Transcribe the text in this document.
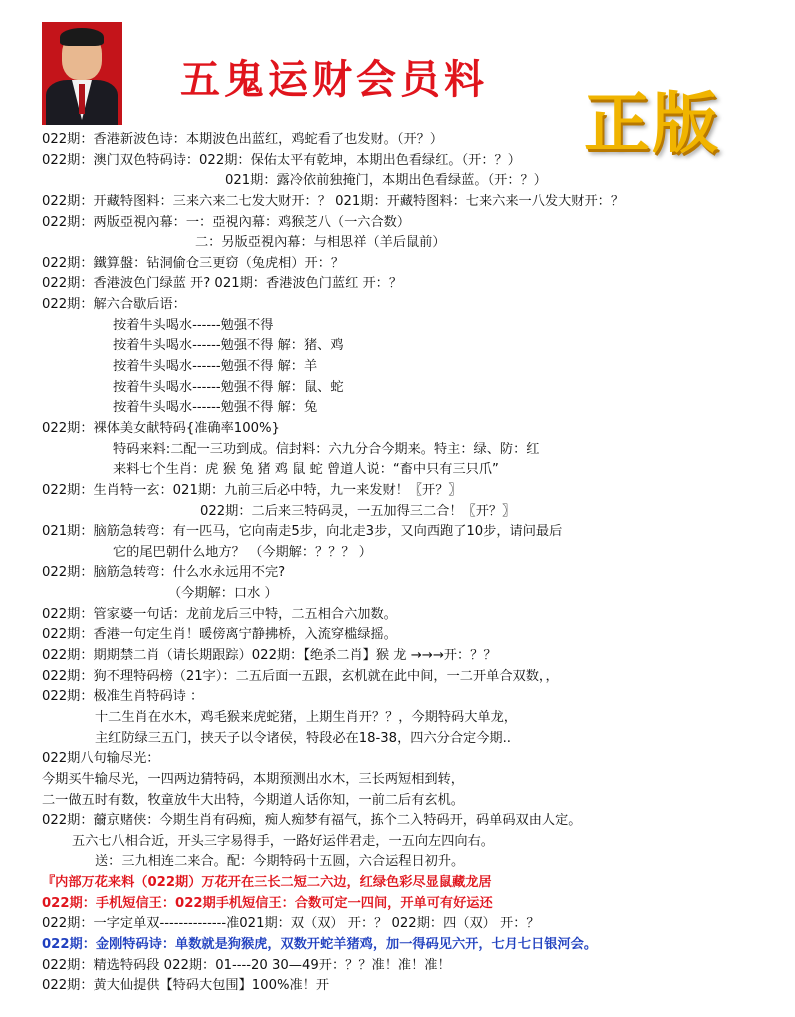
五鬼运财会员料
正版
022期：香港新波色诗：本期波色出蓝红，鸡蛇看了也发财。（开？）
022期：澳门双色特码诗：022期：保佑太平有乾坤，本期出色看绿红。（开：？）
021期：露冷依前独掩门，本期出色看绿蓝。（开：？）
022期：开藏特图料：三来六来二七发大财开：？ 021期：开藏特图料：七来六来一八发大财开：？
022期：两版亞視內幕：一：亞視內幕：鸡猴芝八（一六合数）
二：另版亞視內幕：与相思祥（羊后鼠前）
022期：鐵算盤：钻洞偷仓三更窃（兔虎相）开：？
022期：香港波色门绿蓝 开? 021期：香港波色门蓝红 开：？
022期：解六合歇后语：
按着牛头喝水------勉强不得
按着牛头喝水------勉强不得 解：猪、鸡
按着牛头喝水------勉强不得 解：羊
按着牛头喝水------勉强不得 解：鼠、蛇
按着牛头喝水------勉强不得 解：兔
022期：裸体美女献特码{准确率100%}
特码来料:二配一三功到成。信封料：六九分合今期来。特主：绿、防：红
来料七个生肖：虎 猴 兔 猪 鸡 鼠 蛇 曾道人说：“畜中只有三只爪”
022期：生肖特一玄：021期：九前三后必中特，九一来发财！〖开？〗
022期：二后来三特码灵，一五加得三二合！〖开？〗
021期：脑筋急转弯：有一匹马，它向南走5步，向北走3步，又向西跑了10步，请问最后
它的尾巴朝什么地方？ （今期解：？？？ ）
022期：脑筋急转弯：什么水永远用不完?
（今期解：口水 ）
022期：管家婆一句话：龙前龙后三中特，二五相合六加数。
022期：香港一句定生肖！暖傍离宁静拂桥，入流穿槛绿摇。
022期：期期禁二肖（请长期跟踪）022期：【绝杀二肖】猴 龙 →→→开：？？
022期：狗不理特码榜（21字）：二五后面一五跟，玄机就在此中间，一二开单合双数，，
022期：极准生肖特码诗 ：
十二生肖在水木，鸡毛猴来虎蛇猪，上期生肖开？？，今期特码大单龙，
主红防绿三五门，挟天子以令诸侯，特段必在18-38，四六分合定今期..
022期八句输尽光：
今期买牛输尽光，一四两边猜特码，本期预测出水木，三长两短相到转，
二一做五时有数，牧童放牛大出特，今期道人话你知，一前二后有玄机。
022期：薾京赌侠：今期生肖有码痴，痴人痴梦有福气，拣个二入特码开，码单码双由人定。
五六七八相合近，开头三字易得手，一路好运伴君走，一五向左四向右。
送：三九相连二来合。配：今期特码十五圆，六合运程日初升。
『内部万花来料（022期）万花开在三长二短二六边，红绿色彩尽显鼠藏龙居
022期：手机短信王：022期手机短信王：合数可定一四间，开单可有好运还
022期：一字定单双--------------准021期：双（双） 开：？ 022期：四（双） 开：？
022期：金刚特码诗：单数就是狗猴虎，双数开蛇羊猪鸡，加一得码见六开，七月七日银河会。
022期：精选特码段 022期：01----20 30—49开：？？准！准！准！
022期：黄大仙提供【特码大包围】100%准！开
